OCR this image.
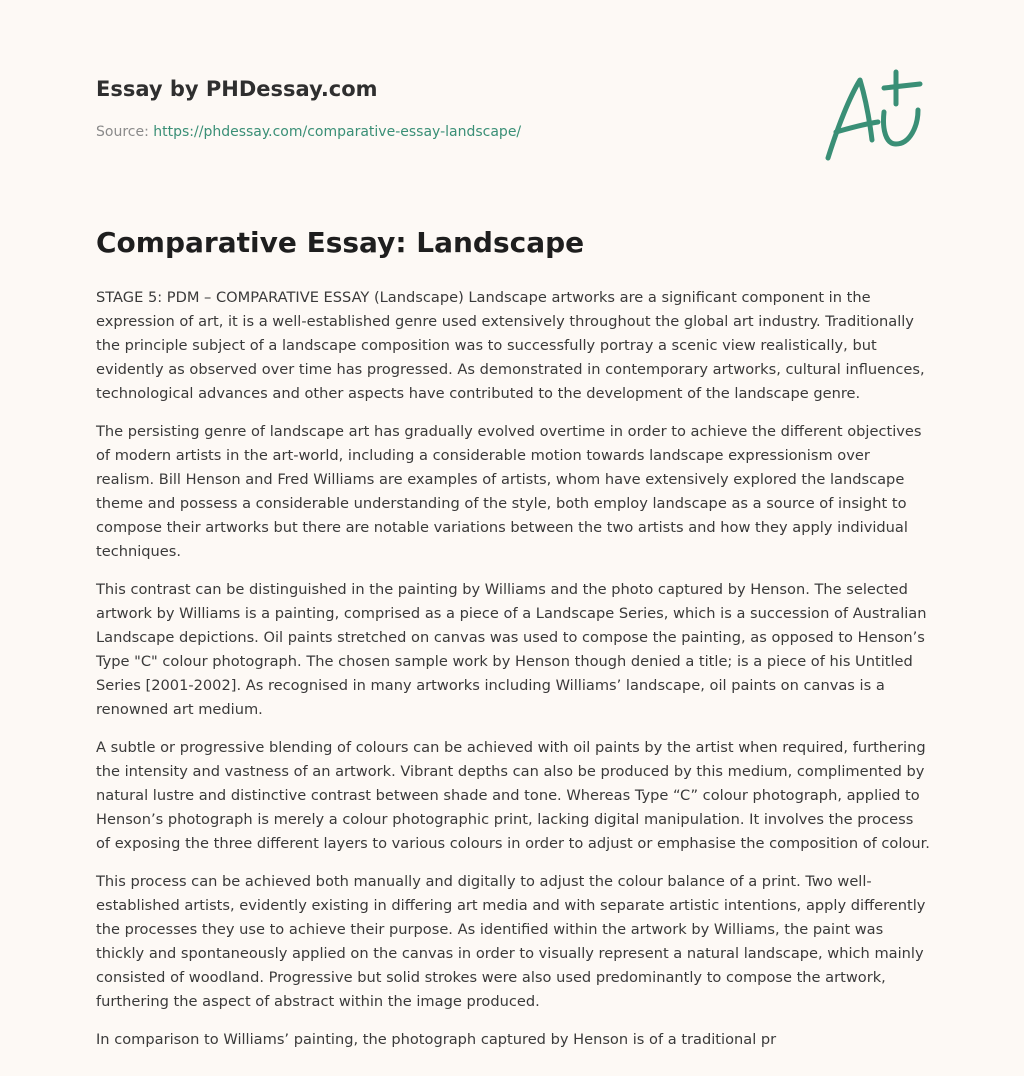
Essay by PHDessay.com
Source: https://phdessay.com/comparative-essay-landscape/
Comparative Essay: Landscape

STAGE 5: PDM – COMPARATIVE ESSAY (Landscape) Landscape artworks are a significant component in the expression of art, it is a well-established genre used extensively throughout the global art industry. Traditionally the principle subject of a landscape composition was to successfully portray a scenic view realistically, but evidently as observed over time has progressed. As demonstrated in contemporary artworks, cultural influences, technological advances and other aspects have contributed to the development of the landscape genre.

The persisting genre of landscape art has gradually evolved overtime in order to achieve the different objectives of modern artists in the art-world, including a considerable motion towards landscape expressionism over realism. Bill Henson and Fred Williams are examples of artists, whom have extensively explored the landscape theme and possess a considerable understanding of the style, both employ landscape as a source of insight to compose their artworks but there are notable variations between the two artists and how they apply individual techniques.

This contrast can be distinguished in the painting by Williams and the photo captured by Henson. The selected artwork by Williams is a painting, comprised as a piece of a Landscape Series, which is a succession of Australian Landscape depictions. Oil paints stretched on canvas was used to compose the painting, as opposed to Henson’s Type "C" colour photograph. The chosen sample work by Henson though denied a title; is a piece of his Untitled Series [2001-2002]. As recognised in many artworks including Williams’ landscape, oil paints on canvas is a renowned art medium.

A subtle or progressive blending of colours can be achieved with oil paints by the artist when required, furthering the intensity and vastness of an artwork. Vibrant depths can also be produced by this medium, complimented by natural lustre and distinctive contrast between shade and tone. Whereas Type “C” colour photograph, applied to Henson’s photograph is merely a colour photographic print, lacking digital manipulation. It involves the process of exposing the three different layers to various colours in order to adjust or emphasise the composition of colour.

This process can be achieved both manually and digitally to adjust the colour balance of a print. Two well-established artists, evidently existing in differing art media and with separate artistic intentions, apply differently the processes they use to achieve their purpose. As identified within the artwork by Williams, the paint was thickly and spontaneously applied on the canvas in order to visually represent a natural landscape, which mainly consisted of woodland. Progressive but solid strokes were also used predominantly to compose the artwork, furthering the aspect of abstract within the image produced.

In comparison to Williams’ painting, the photograph captured by Henson is of a traditional pr
